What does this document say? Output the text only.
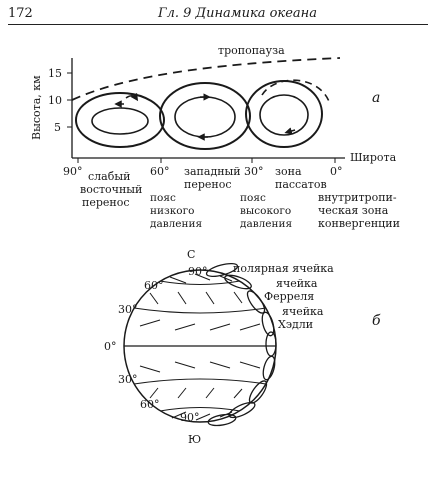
172	Гл. 9 Динамика океана
15
10
5
Высота, км
90°	60°	30°	0°
Широта
тропопауза
а
слабый
восточный
перенос пояс
низкого
давления
западный
перенос
пояс
высокого
давления
зона
пассатов
внутритропи-
ческая зона
конвергенции
С
Ю
90°
60°
30°
0°
30°
60°
90°
полярная ячейка
ячейка
Ферреля
ячейка
Хэдли	б
